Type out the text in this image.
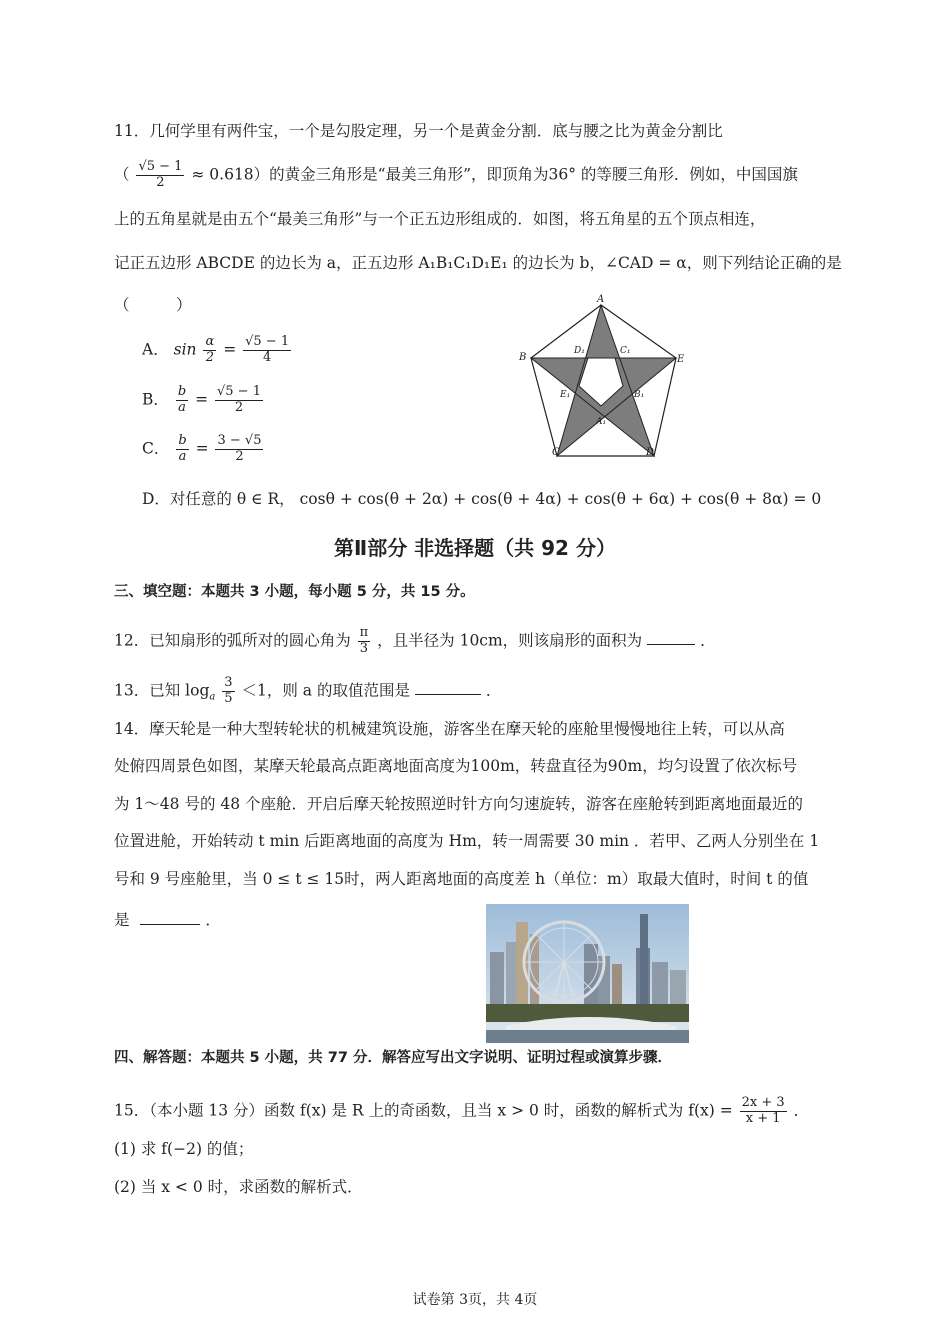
11．几何学里有两件宝，一个是勾股定理，另一个是黄金分割．底与腰之比为黄金分割比
（ $\frac{√5 - 1}{2} \approx 0.618$）的黄金三角形是“最美三角形”，即顶角为36° 的等腰三角形．例如，中国国旗
上的五角星就是由五个“最美三角形”与一个正五边形组成的．如图，将五角星的五个顶点相连，
记正五边形 ABCDE 的边长为 a，正五边形 A₁B₁C₁D₁E₁ 的边长为 b，∠CAD = α，则下列结论正确的是
（　　　）
A． $\sin \frac{\alpha}{2} = \frac{√5 - 1}{4}$
B． $\frac{b}{a} = \frac{√5 - 1}{2}$
C． $\frac{b}{a} = \frac{3 - √5}{2}$
D．对任意的 θ ∈ R， cosθ + cos(θ + 2α) + cos(θ + 4α) + cos(θ + 6α) + cos(θ + 8α) = 0
A
B	E
C	D
D₁	C₁
E₁	B₁
A₁
第Ⅱ部分 非选择题（共 92 分）
三、填空题：本题共 3 小题，每小题 5 分，共 15 分。
12．已知扇形的弧所对的圆心角为 $\frac{\pi}{3}$ ，且半径为 10cm，则该扇形的面积为	．
13．已知 $\log_a \frac{3}{5} <1$，则 a 的取值范围是	．
14．摩天轮是一种大型转轮状的机械建筑设施，游客坐在摩天轮的座舱里慢慢地往上转，可以从高
处俯四周景色如图，某摩天轮最高点距离地面高度为100m，转盘直径为90m，均匀设置了依次标号
为 1～48 号的 48 个座舱．开启后摩天轮按照逆时针方向匀速旋转，游客在座舱转到距离地面最近的
位置进舱，开始转动 t min 后距离地面的高度为 Hm，转一周需要 30 min ．若甲、乙两人分别坐在 1
号和 9 号座舱里，当 0 ≤ t ≤ 15时，两人距离地面的高度差 h（单位：m）取最大值时，时间 t 的值
是	．
四、解答题：本题共 5 小题，共 77 分．解答应写出文字说明、证明过程或演算步骤．
15．（本小题 13 分）函数 f(x) 是 R 上的奇函数，且当 x > 0 时，函数的解析式为 $f(x) = \frac{2x + 3}{x + 1}$ ．
(1) 求 f(−2) 的值；
(2) 当 x < 0 时，求函数的解析式．
试卷第 3页，共 4页
